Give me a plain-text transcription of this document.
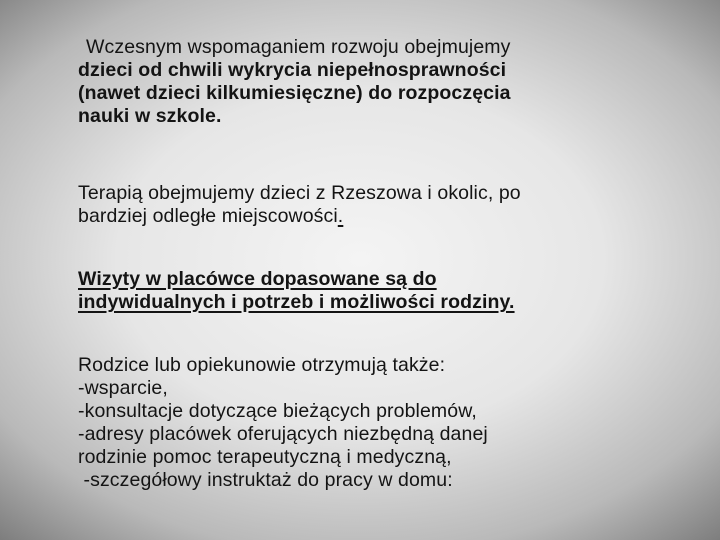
Wczesnym wspomaganiem rozwoju obejmujemy
dzieci od chwili wykrycia niepełnosprawności
(nawet dzieci kilkumiesięczne) do rozpoczęcia
nauki w szkole.
Terapią obejmujemy dzieci z Rzeszowa i okolic, po
bardziej odległe miejscowości.
Wizyty w placówce dopasowane są do
indywidualnych i potrzeb i możliwości rodziny.
Rodzice lub opiekunowie otrzymują także:
-wsparcie,
-konsultacje dotyczące bieżących problemów,
-adresy placówek oferujących niezbędną danej
rodzinie pomoc terapeutyczną i medyczną,
-szczegółowy instruktaż do pracy w domu:
